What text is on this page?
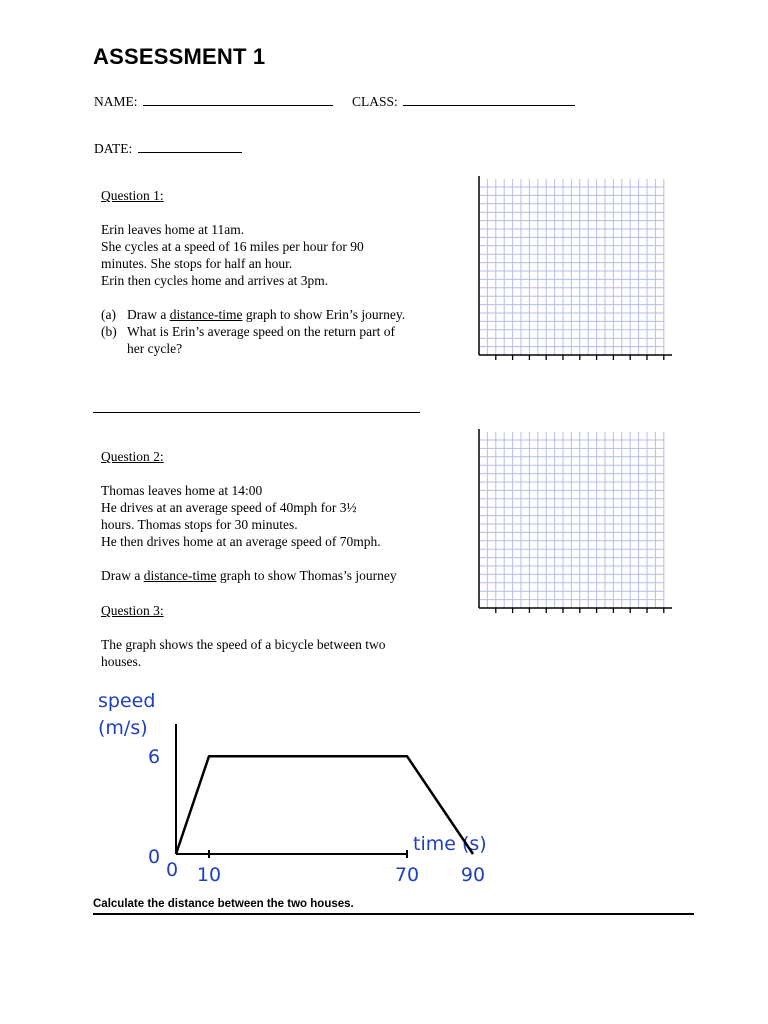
ASSESSMENT 1
NAME:	CLASS:
DATE:

Question 1:

Erin leaves home at 11am.

She cycles at a speed of 16 miles per hour for 90

minutes. She stops for half an hour.

Erin then cycles home and arrives at 3pm.

(a) Draw a distance-time graph to show Erin’s journey.
(b) What is Erin’s average speed on the return part of
her cycle?

Question 2:

Thomas leaves home at 14:00

He drives at an average speed of 40mph for 3½

hours. Thomas stops for 30 minutes.

He then drives home at an average speed of 70mph.

Draw a distance-time graph to show Thomas’s journey

Question 3:

The graph shows the speed of a bicycle between two

houses.

speed
(m/s)
time (s)
6
0
0 10	70 90
Calculate the distance between the two houses.
